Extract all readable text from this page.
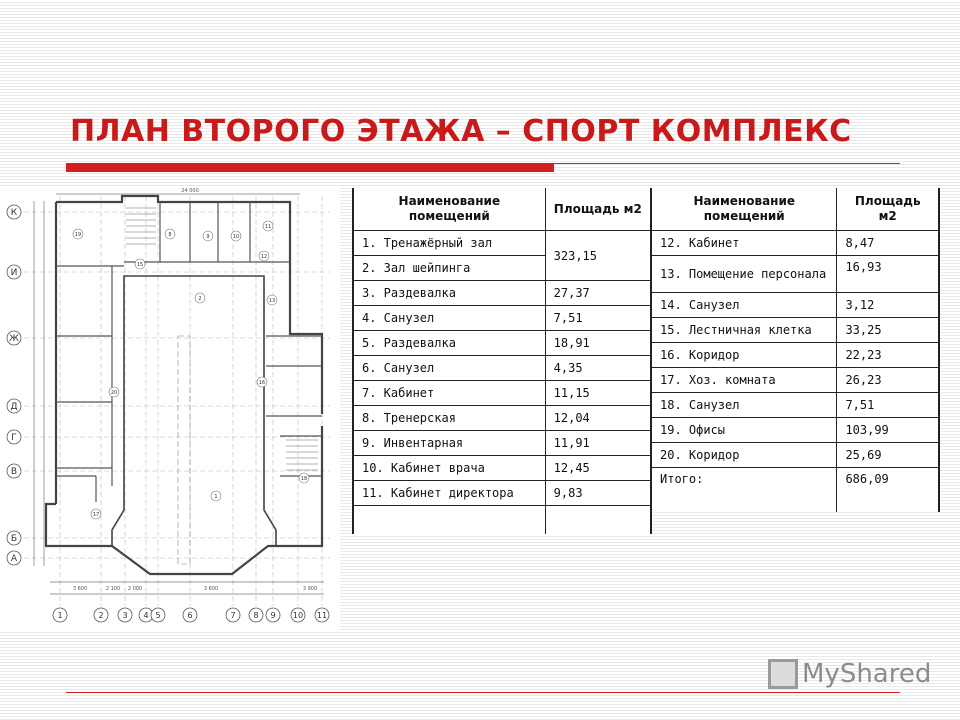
ПЛАН ВТОРОГО ЭТАЖА – СПОРТ КОМПЛЕКС
К
И
Ж
Д
Г
В
Б
А
1	2 3 4 5	6	7 8 9 10 11
24 000
3 600	2 100 2 000	3 600	3 900
1
2
8	9	10
11
12
13
15
16
17
18
19
20
Наименование помещений	Площадь м2
1. Тренажёрный зал	323,15
2. Зал шейпинга	
3. Раздевалка	27,37
4. Санузел	7,51
5. Раздевалка	18,91
6. Санузел	4,35
7. Кабинет	11,15
8. Тренерская	12,04
9. Инвентарная	11,91
10. Кабинет врача	12,45
11. Кабинет директора	9,83

Наименование помещений	Площадь м2
12. Кабинет	8,47
13. Помещение персонала	16,93
14. Санузел	3,12
15. Лестничная клетка	33,25
16. Коридор	22,23
17. Хоз. комната	26,23
18. Санузел	7,51
19. Офисы	103,99
20. Коридор	25,69
Итого:	686,09
MyShared
